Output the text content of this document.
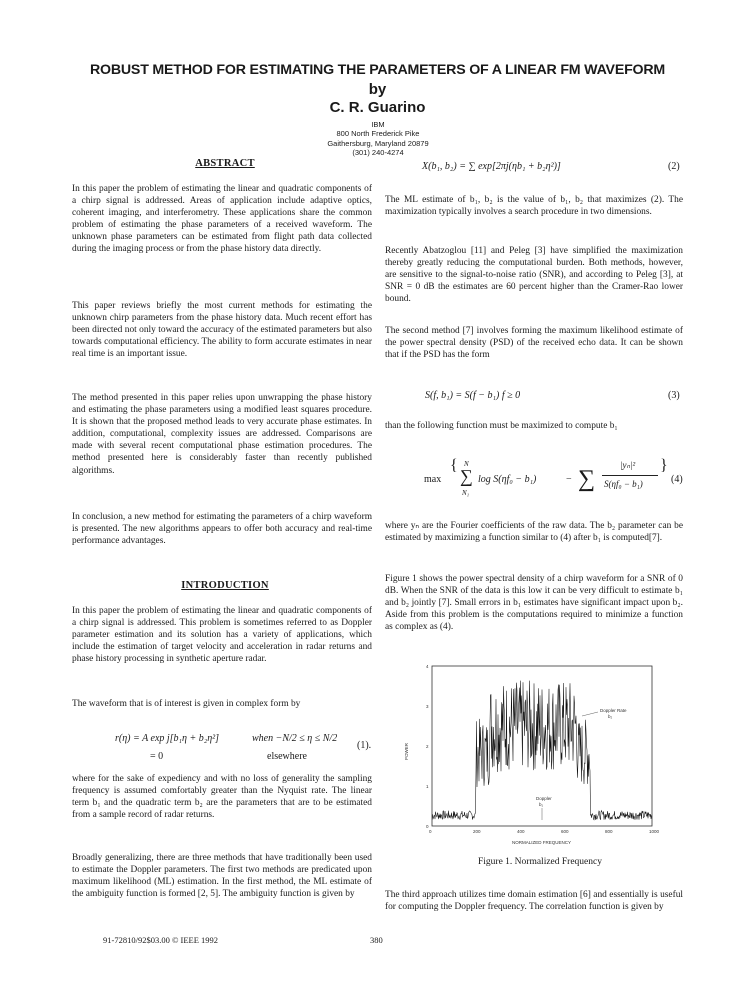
ROBUST METHOD FOR ESTIMATING THE PARAMETERS OF A LINEAR FM WAVEFORM
by
C. R. Guarino
IBM
800 North Frederick Pike
Gaithersburg, Maryland 20879
(301) 240-4274
ABSTRACT
In this paper the problem of estimating the linear and quadratic components of a chirp signal is addressed. Areas of application include adaptive optics, coherent imaging, and interferometry. These applications share the common problem of estimating the phase parameters of a received waveform. The unknown phase parameters can be estimated from flight path data collected during the imaging process or from the phase history data directly.
This paper reviews briefly the most current methods for estimating the unknown chirp parameters from the phase history data. Much recent effort has been directed not only toward the accuracy of the estimated parameters but also towards computational efficiency. The ability to form accurate estimates in near real time is an important issue.
The method presented in this paper relies upon unwrapping the phase history and estimating the phase parameters using a modified least squares procedure. It is shown that the proposed method leads to very accurate phase estimates. In addition, computational, complexity issues are addressed. Comparisons are made with several recent computational phase estimation procedures. The method presented here is considerably faster than recently published algorithms.
In conclusion, a new method for estimating the parameters of a chirp waveform is presented. The new algorithms appears to offer both accuracy and real-time performance advantages.
INTRODUCTION
In this paper the problem of estimating the linear and quadratic components of a chirp signal is addressed. This problem is sometimes referred to as Doppler parameter estimation and its solution has a variety of applications, which include the estimation of target velocity and acceleration in radar returns and phase history processing in synthetic aperture radar.
The waveform that is of interest is given in complex form by
r(η) = A exp j[b₁η + b₂η²]	when −N/2 ≤ η ≤ N/2
(1).
= 0	elsewhere
where for the sake of expediency and with no loss of generality the sampling frequency is assumed comfortably greater than the Nyquist rate. The linear term b₁ and the quadratic term b₂ are the parameters that are to be estimated from a sample record of radar returns.
Broadly generalizing, there are three methods that have traditionally been used to estimate the Doppler parameters. The first two methods are predicated upon maximum likelihood (ML) estimation. In the first method, the ML estimate of the ambiguity function is formed [2, 5]. The ambiguity function is given by
91-72810/92$03.00 © IEEE 1992	380
X(b₁, b₂) = ∑ exp[2πj(ηb₁ + b₂η²)]	(2)
The ML estimate of b₁, b₂ is the value of b₁, b₂ that maximizes (2). The maximization typically involves a search procedure in two dimensions.
Recently Abatzoglou [11] and Peleg [3] have simplified the maximization thereby greatly reducing the computational burden. Both methods, however, are sensitive to the signal-to-noise ratio (SNR), and according to Peleg [3], at SNR = 0 dB the estimates are 60 percent higher than the Cramer-Rao lower bound.
The second method [7] involves forming the maximum likelihood estimate of the power spectral density (PSD) of the received echo data. It can be shown that if the PSD has the form
S(f, b₁) = S(f − b₁) f ≥ 0	(3)
than the following function must be maximized to compute b₁
max
{ N
∑
N₁
log S(ηf₀ − b₁)	− ∑
|yₙ|²
S(ηf₀ − b₁)
}
(4)
where yₙ are the Fourier coefficients of the raw data. The b₂ parameter can be estimated by maximizing a function similar to (4) after b₁ is computed[7].
Figure 1 shows the power spectral density of a chirp waveform for a SNR of 0 dB. When the SNR of the data is this low it can be very difficult to estimate b₁ and b₂ jointly [7]. Small errors in b₁ estimates have significant impact upon b₂. Aside from this problem is the computations required to minimize a function as complex as (4).
4
3
2
1
0
0	200	400	600	800	1000
Doppler Rate
b₂
Doppler
b₁
POWER
NORMALIZED FREQUENCY
Figure 1. Normalized Frequency
The third approach utilizes time domain estimation [6] and essentially is useful for computing the Doppler frequency. The correlation function is given by
